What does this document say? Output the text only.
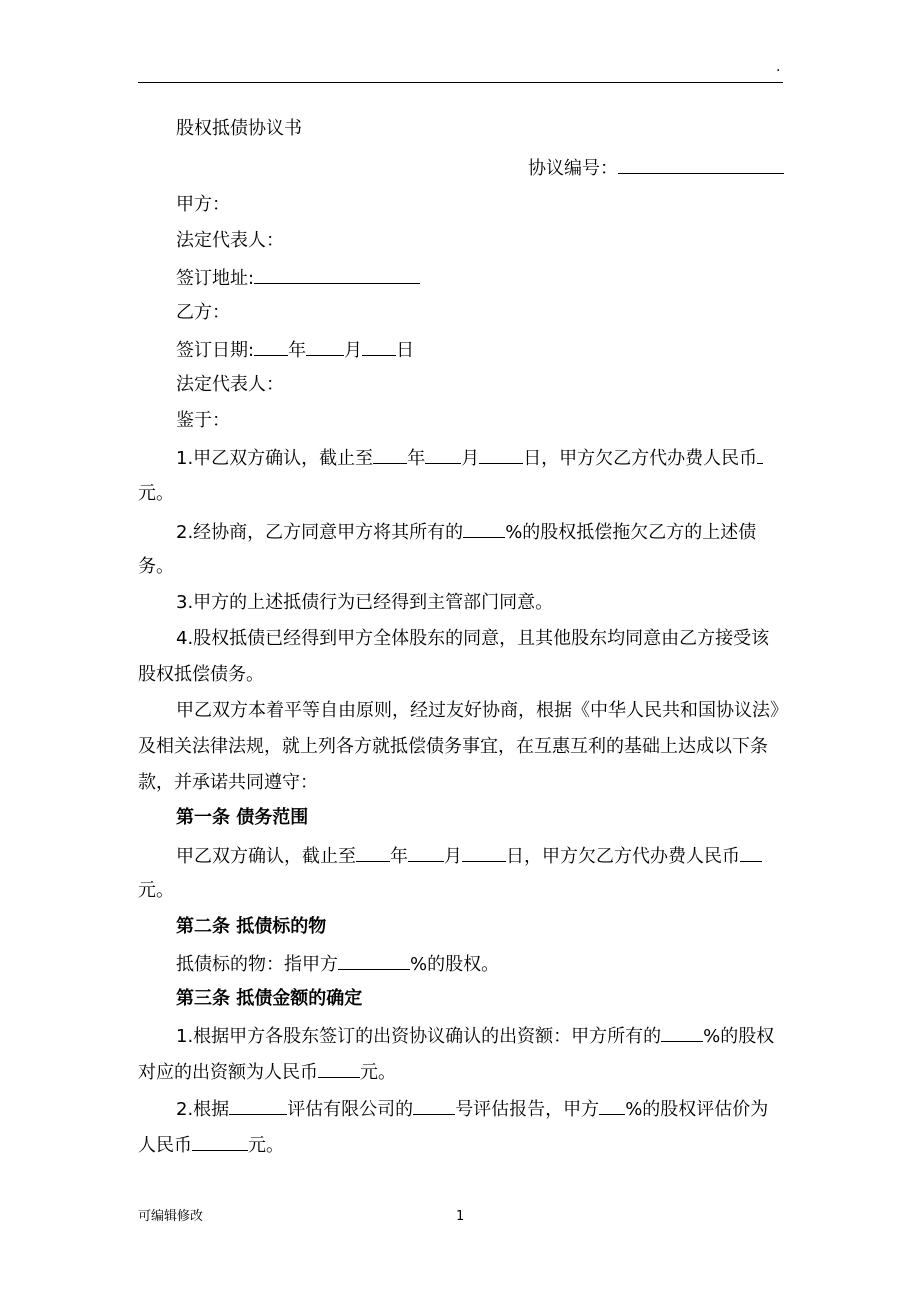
.
股权抵债协议书
协议编号：
甲方：
法定代表人：
签订地址:
乙方：
签订日期: 年 月 日
法定代表人：
鉴于：
1.甲乙双方确认，截止至 年 月 日，甲方欠乙方代办费人民币
元。
2.经协商，乙方同意甲方将其所有的 %的股权抵偿拖欠乙方的上述债
务。
3.甲方的上述抵债行为已经得到主管部门同意。
4.股权抵债已经得到甲方全体股东的同意，且其他股东均同意由乙方接受该
股权抵偿债务。
甲乙双方本着平等自由原则，经过友好协商，根据《中华人民共和国协议法》
及相关法律法规，就上列各方就抵偿债务事宜，在互惠互利的基础上达成以下条
款，并承诺共同遵守：
第一条 债务范围
甲乙双方确认，截止至 年 月 日，甲方欠乙方代办费人民币
元。
第二条 抵债标的物
抵债标的物：指甲方	%的股权。
第三条 抵债金额的确定
1.根据甲方各股东签订的出资协议确认的出资额：甲方所有的 %的股权
对应的出资额为人民币 元。
2.根据	评估有限公司的 号评估报告，甲方 %的股权评估价为
人民币	元。
可编辑修改	1
